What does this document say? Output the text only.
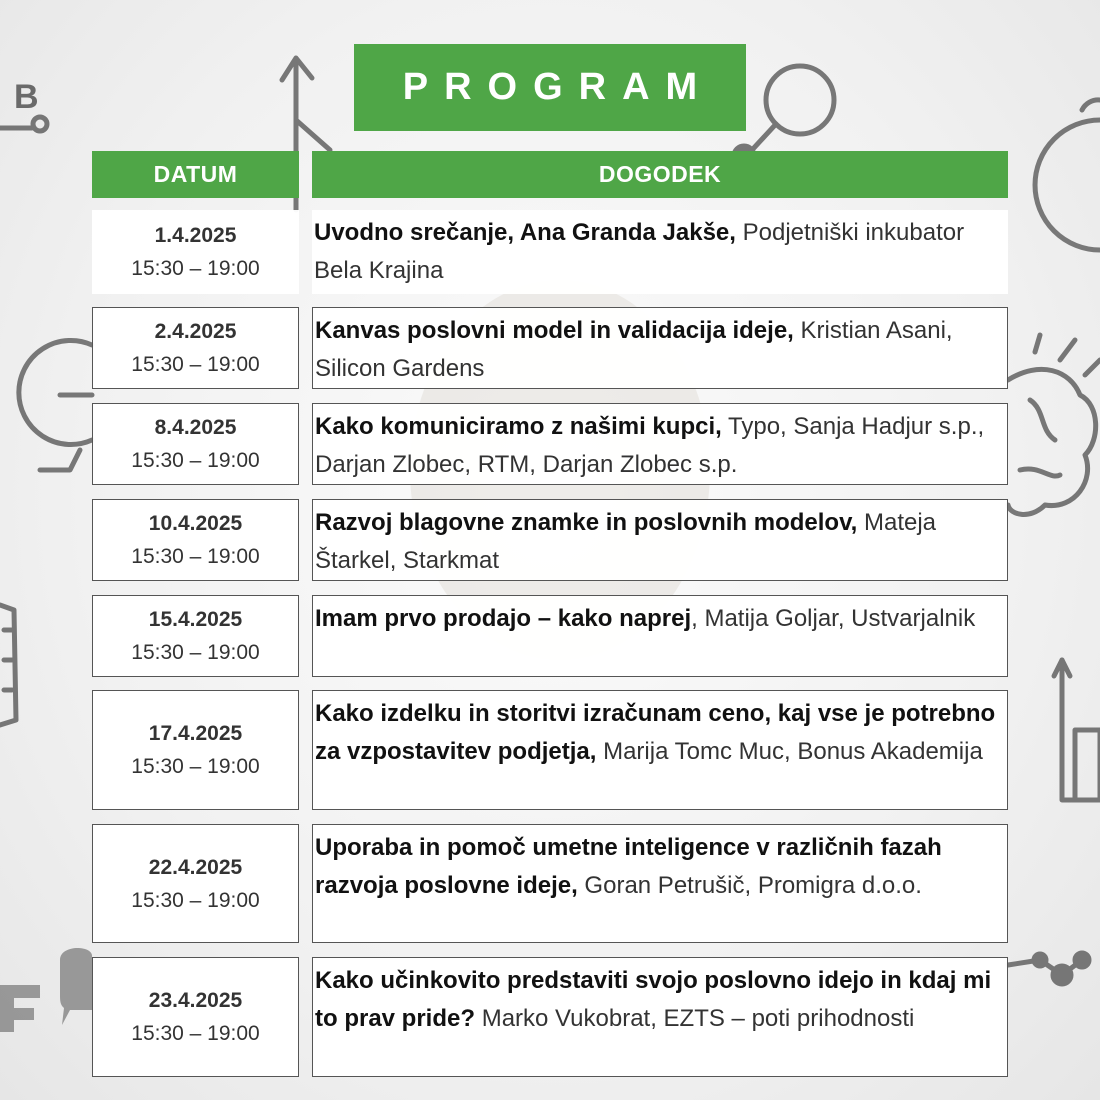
B	PROGRAM
DATUM	DOGODEK
1.4.2025
15:30 – 19:00
Uvodno srečanje, Ana Granda Jakše, Podjetniški inkubator Bela Krajina
2.4.2025
15:30 – 19:00
Kanvas poslovni model in validacija ideje, Kristian Asani, Silicon Gardens
8.4.2025
15:30 – 19:00
Kako komuniciramo z našimi kupci, Typo, Sanja Hadjur s.p., Darjan Zlobec, RTM, Darjan Zlobec s.p.
10.4.2025
15:30 – 19:00
Razvoj blagovne znamke in poslovnih modelov, Mateja Štarkel, Starkmat
15.4.2025
15:30 – 19:00
Imam prvo prodajo – kako naprej, Matija Goljar, Ustvarjalnik
17.4.2025
15:30 – 19:00
Kako izdelku in storitvi izračunam ceno, kaj vse je potrebno za vzpostavitev podjetja, Marija Tomc Muc, Bonus Akademija
22.4.2025
15:30 – 19:00
Uporaba in pomoč umetne inteligence v različnih fazah razvoja poslovne ideje, Goran Petrušič, Promigra d.o.o.
23.4.2025
15:30 – 19:00
Kako učinkovito predstaviti svojo poslovno idejo in kdaj mi to prav pride? Marko Vukobrat, EZTS – poti prihodnosti
